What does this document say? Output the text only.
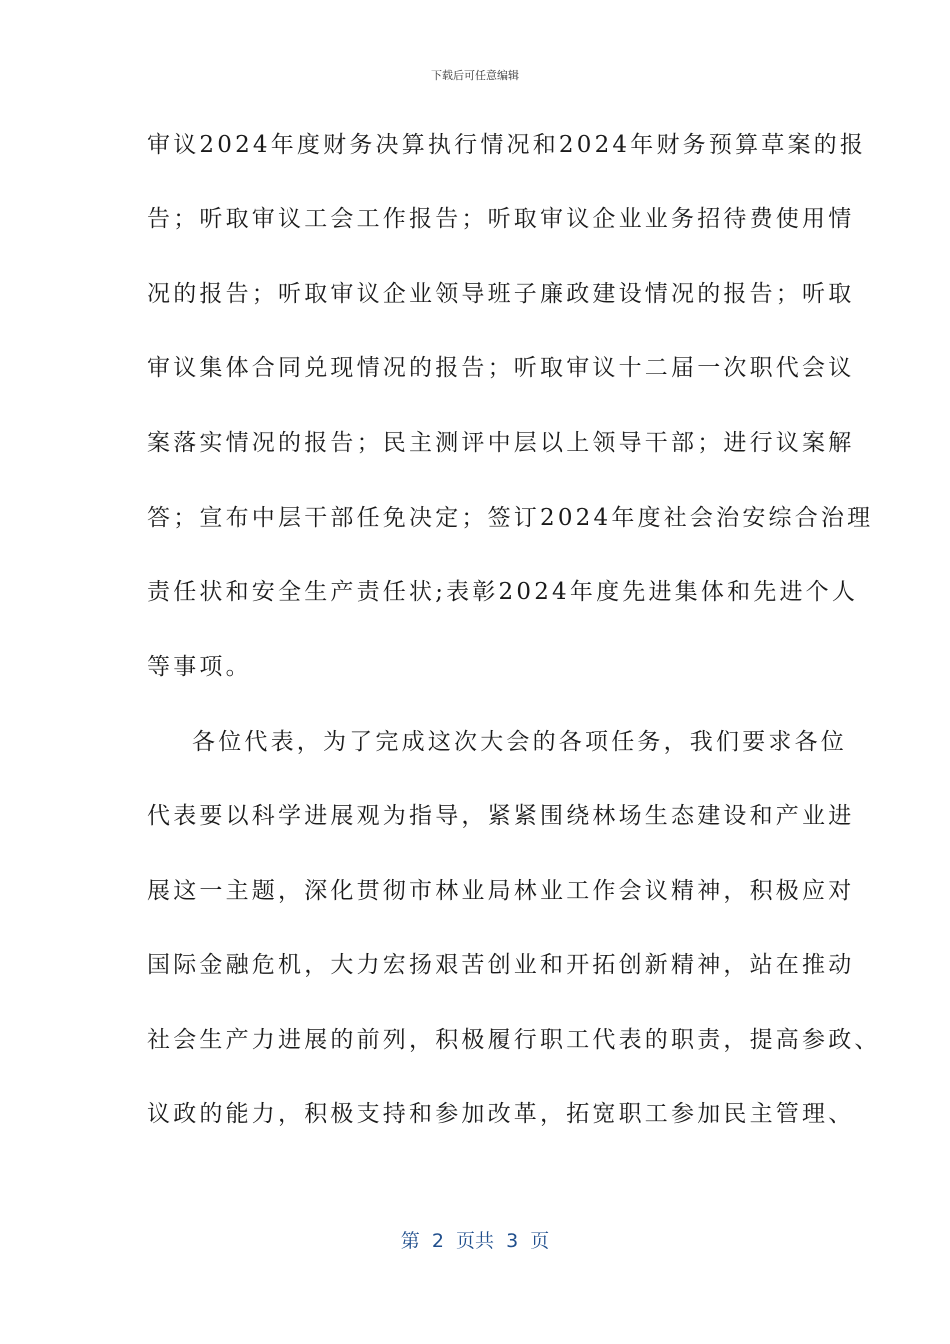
下载后可任意编辑
审议2024年度财务决算执行情况和2024年财务预算草案的报
告；听取审议工会工作报告；听取审议企业业务招待费使用情
况的报告；听取审议企业领导班子廉政建设情况的报告；听取
审议集体合同兑现情况的报告；听取审议十二届一次职代会议
案落实情况的报告；民主测评中层以上领导干部；进行议案解
答；宣布中层干部任免决定；签订2024年度社会治安综合治理
责任状和安全生产责任状;表彰2024年度先进集体和先进个人
等事项。
各位代表，为了完成这次大会的各项任务，我们要求各位
代表要以科学进展观为指导，紧紧围绕林场生态建设和产业进
展这一主题，深化贯彻市林业局林业工作会议精神，积极应对
国际金融危机，大力宏扬艰苦创业和开拓创新精神，站在推动
社会生产力进展的前列，积极履行职工代表的职责，提高参政、
议政的能力，积极支持和参加改革，拓宽职工参加民主管理、
第  2  页共  3  页
